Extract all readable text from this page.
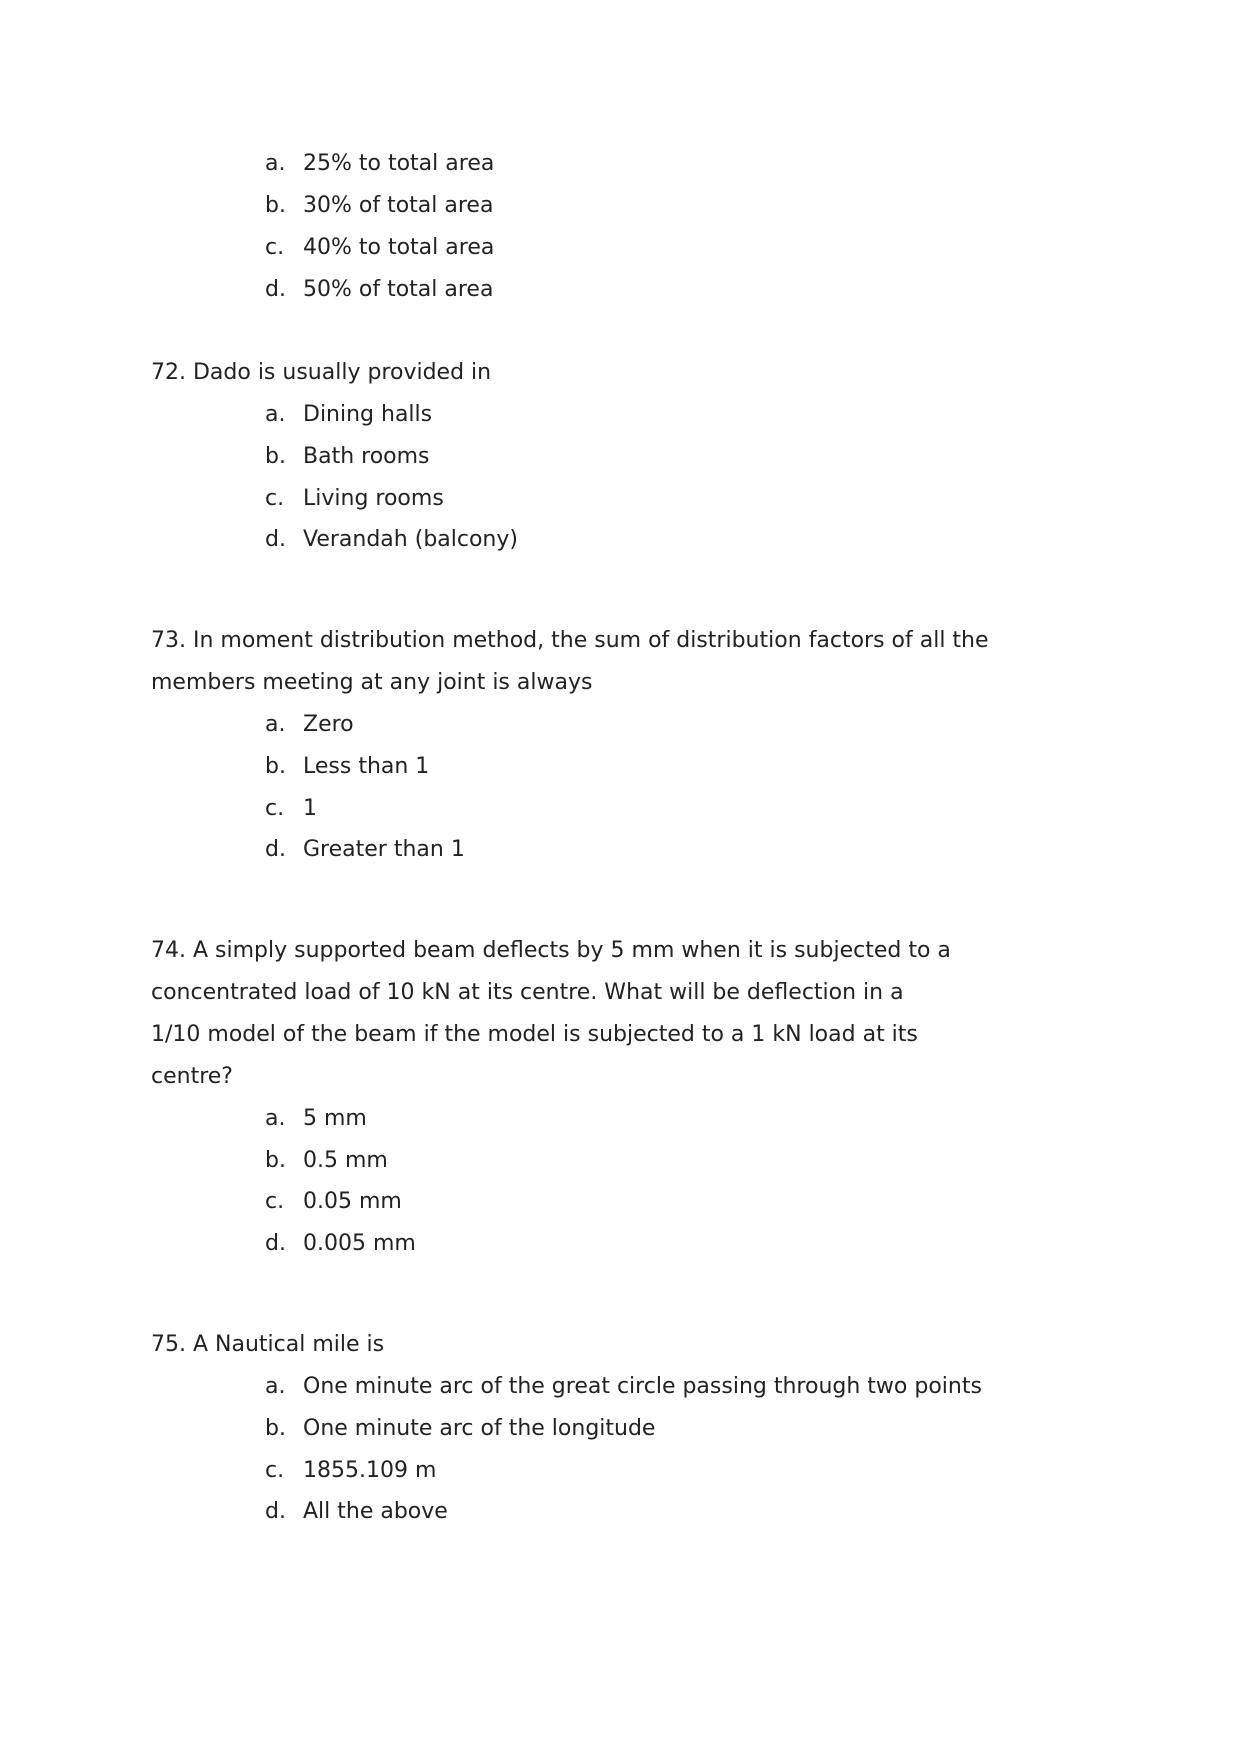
a. 25% to total area
b. 30% of total area
c. 40% to total area
d. 50% of total area
72. Dado is usually provided in
a. Dining halls
b. Bath rooms
c. Living rooms
d. Verandah (balcony)
73. In moment distribution method, the sum of distribution factors of all the
members meeting at any joint is always
a. Zero
b. Less than 1
c. 1
d. Greater than 1
74. A simply supported beam deflects by 5 mm when it is subjected to a
concentrated load of 10 kN at its centre. What will be deflection in a
1/10 model of the beam if the model is subjected to a 1 kN load at its
centre?
a. 5 mm
b. 0.5 mm
c. 0.05 mm
d. 0.005 mm
75. A Nautical mile is
a. One minute arc of the great circle passing through two points
b. One minute arc of the longitude
c. 1855.109 m
d. All the above
